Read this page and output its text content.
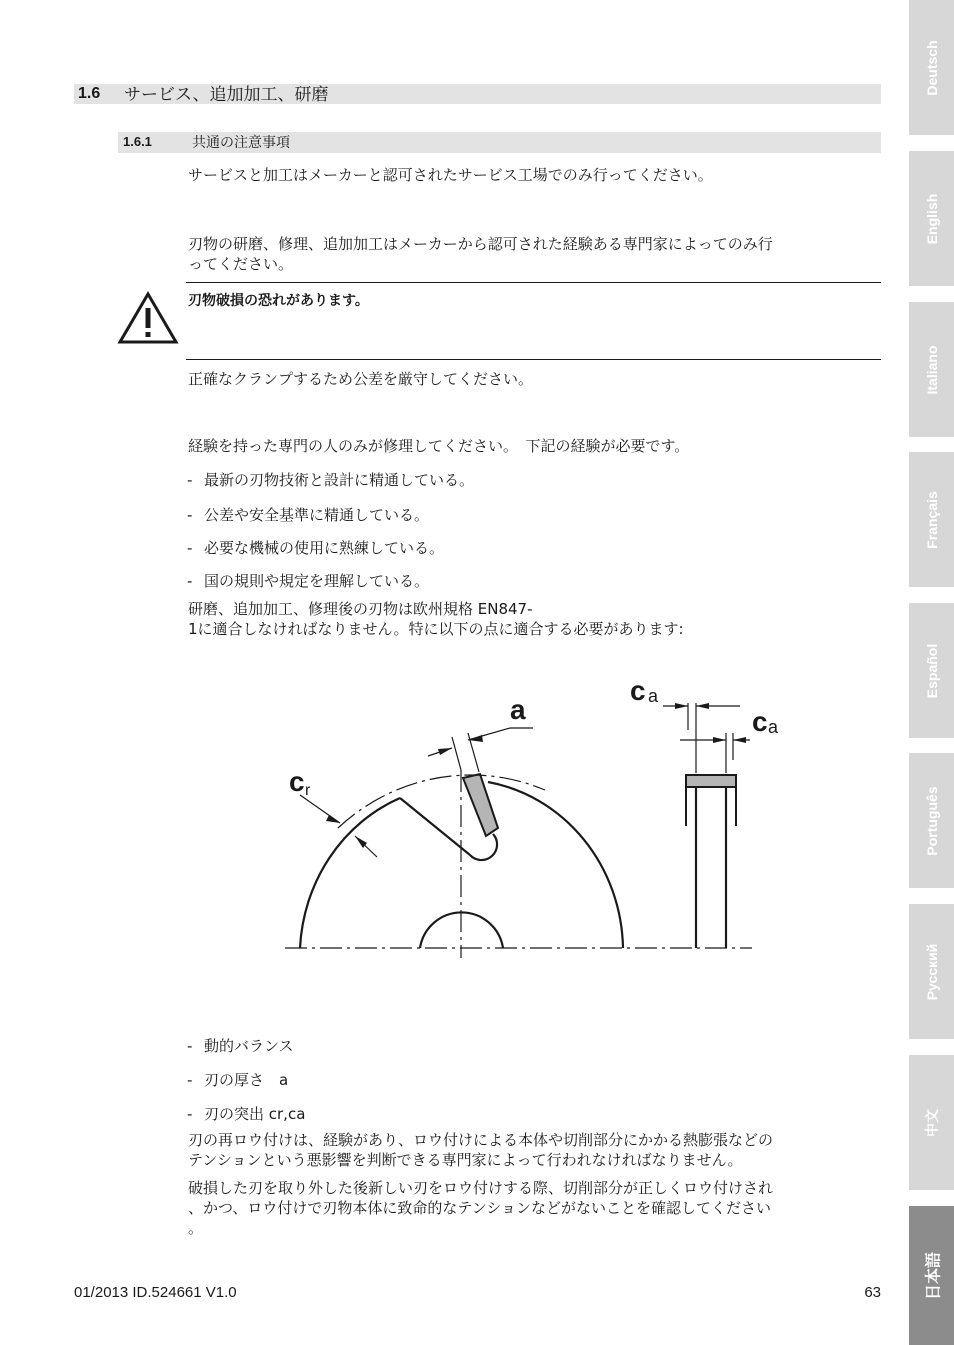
1.6 サービス、追加加工、研磨
1.6.1	共通の注意事項
サービスと加工はメーカーと認可されたサービス工場でのみ行ってください。
刃物の研磨、修理、追加加工はメーカーから認可された経験ある専門家によってのみ行
ってください。
刃物破損の恐れがあります。
正確なクランプするため公差を厳守してください。
経験を持った専門の人のみが修理してください。　下記の経験が必要です。
- 最新の刃物技術と設計に精通している。
- 公差や安全基準に精通している。
- 必要な機械の使用に熟練している。
- 国の規則や規定を理解している。
研磨、追加加工、修理後の刃物は欧州規格 EN847-
1に適合しなければなりません。特に以下の点に適合する必要があります:
a
c a
c a
c r
- 動的バランス
- 刃の厚さ　a
- 刃の突出 cr,ca
刃の再ロウ付けは、経験があり、ロウ付けによる本体や切削部分にかかる熱膨張などの
テンションという悪影響を判断できる専門家によって行われなければなりません。
破損した刃を取り外した後新しい刃をロウ付けする際、切削部分が正しくロウ付けされ
、かつ、ロウ付けで刃物本体に致命的なテンションなどがないことを確認してください
。
01/2013 ID.524661 V1.0	63
Deutsch
English
Italiano
Français
Español
Português
Русский
中文
日本語
